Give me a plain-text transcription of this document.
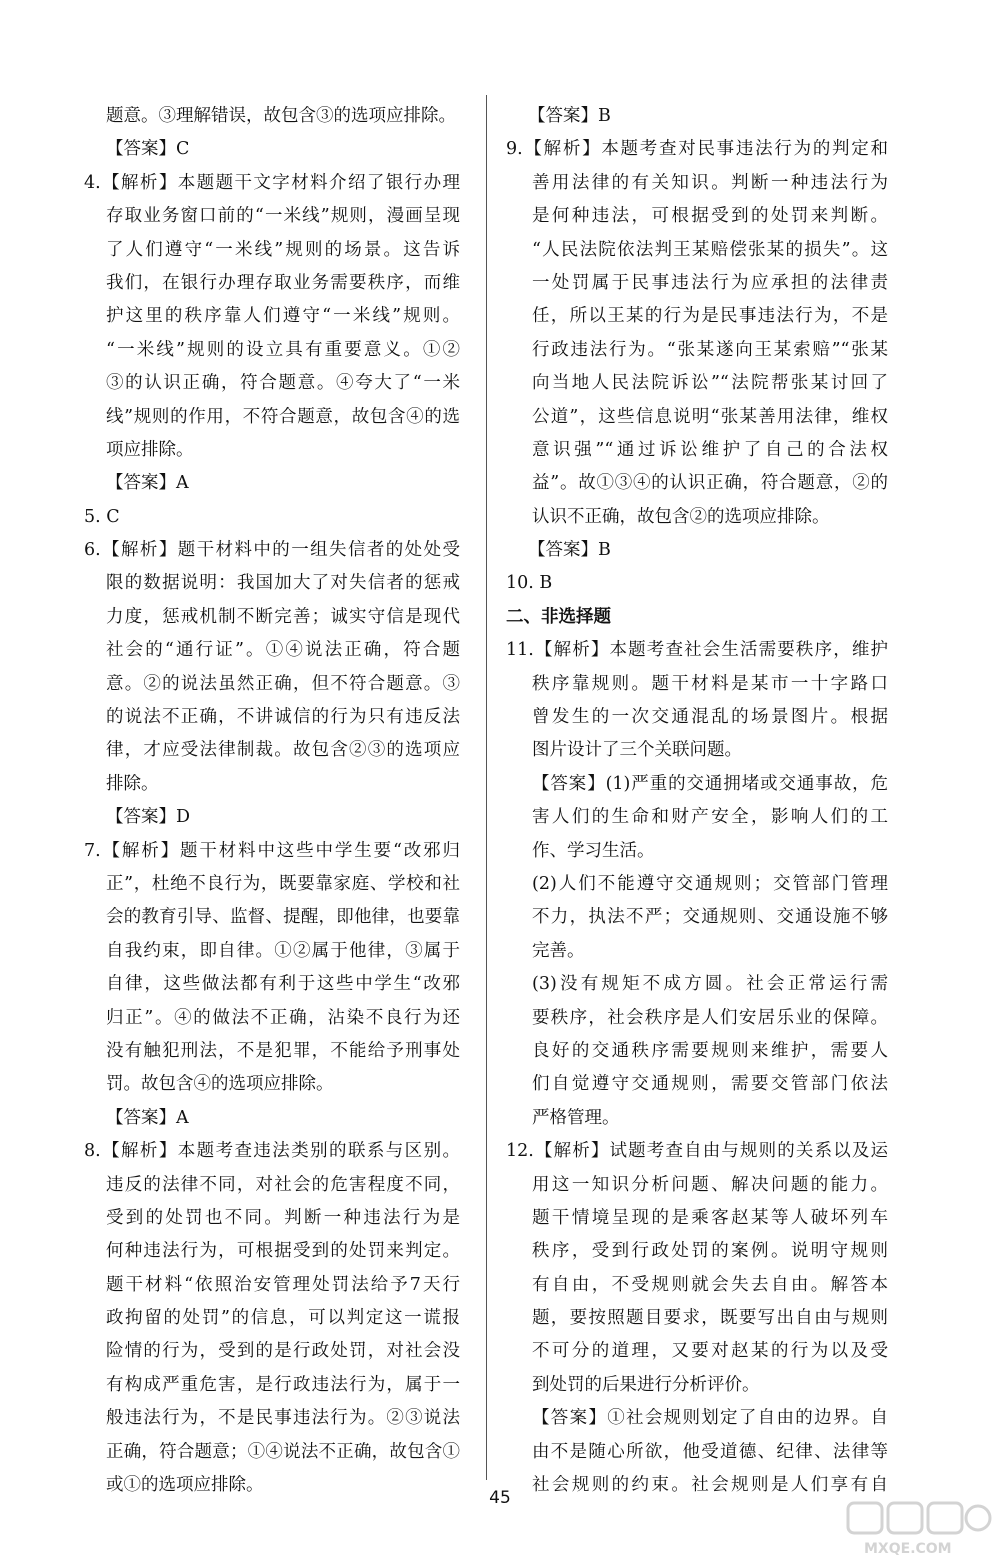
题意。③理解错误，故包含③的选项应排除。
【答案】C
4.【解析】本题题干文字材料介绍了银行办理
存取业务窗口前的“一米线”规则，漫画呈现
了人们遵守“一米线”规则的场景。这告诉
我们，在银行办理存取业务需要秩序，而维
护这里的秩序靠人们遵守“一米线”规则。
“一米线”规则的设立具有重要意义。①②
③的认识正确，符合题意。④夸大了“一米
线”规则的作用，不符合题意，故包含④的选
项应排除。
【答案】A
5. C
6.【解析】题干材料中的一组失信者的处处受
限的数据说明：我国加大了对失信者的惩戒
力度，惩戒机制不断完善；诚实守信是现代
社会的“通行证”。①④说法正确，符合题
意。②的说法虽然正确，但不符合题意。③
的说法不正确，不讲诚信的行为只有违反法
律，才应受法律制裁。故包含②③的选项应
排除。
【答案】D
7.【解析】题干材料中这些中学生要“改邪归
正”，杜绝不良行为，既要靠家庭、学校和社
会的教育引导、监督、提醒，即他律，也要靠
自我约束，即自律。①②属于他律，③属于
自律，这些做法都有利于这些中学生“改邪
归正”。④的做法不正确，沾染不良行为还
没有触犯刑法，不是犯罪，不能给予刑事处
罚。故包含④的选项应排除。
【答案】A
8.【解析】本题考查违法类别的联系与区别。
违反的法律不同，对社会的危害程度不同，
受到的处罚也不同。判断一种违法行为是
何种违法行为，可根据受到的处罚来判定。
题干材料“依照治安管理处罚法给予7天行
政拘留的处罚”的信息，可以判定这一谎报
险情的行为，受到的是行政处罚，对社会没
有构成严重危害，是行政违法行为，属于一
般违法行为，不是民事违法行为。②③说法
正确，符合题意；①④说法不正确，故包含①
或①的选项应排除。
【答案】B
9.【解析】本题考查对民事违法行为的判定和
善用法律的有关知识。判断一种违法行为
是何种违法，可根据受到的处罚来判断。
“人民法院依法判王某赔偿张某的损失”。这
一处罚属于民事违法行为应承担的法律责
任，所以王某的行为是民事违法行为，不是
行政违法行为。“张某遂向王某索赔”“张某
向当地人民法院诉讼”“法院帮张某讨回了
公道”，这些信息说明“张某善用法律，维权
意识强”“通过诉讼维护了自己的合法权
益”。故①③④的认识正确，符合题意，②的
认识不正确，故包含②的选项应排除。
【答案】B
10. B
二、非选择题
11.【解析】本题考查社会生活需要秩序，维护
秩序靠规则。题干材料是某市一十字路口
曾发生的一次交通混乱的场景图片。根据
图片设计了三个关联问题。
【答案】(1)严重的交通拥堵或交通事故，危
害人们的生命和财产安全，影响人们的工
作、学习生活。
(2)人们不能遵守交通规则；交管部门管理
不力，执法不严；交通规则、交通设施不够
完善。
(3)没有规矩不成方圆。社会正常运行需
要秩序，社会秩序是人们安居乐业的保障。
良好的交通秩序需要规则来维护，需要人
们自觉遵守交通规则，需要交管部门依法
严格管理。
12.【解析】试题考查自由与规则的关系以及运
用这一知识分析问题、解决问题的能力。
题干情境呈现的是乘客赵某等人破坏列车
秩序，受到行政处罚的案例。说明守规则
有自由，不受规则就会失去自由。解答本
题，要按照题目要求，既要写出自由与规则
不可分的道理，又要对赵某的行为以及受
到处罚的后果进行分析评价。
【答案】①社会规则划定了自由的边界。自
由不是随心所欲，他受道德、纪律、法律等
社会规则的约束。社会规则是人们享有自
45
MXQE.COM
